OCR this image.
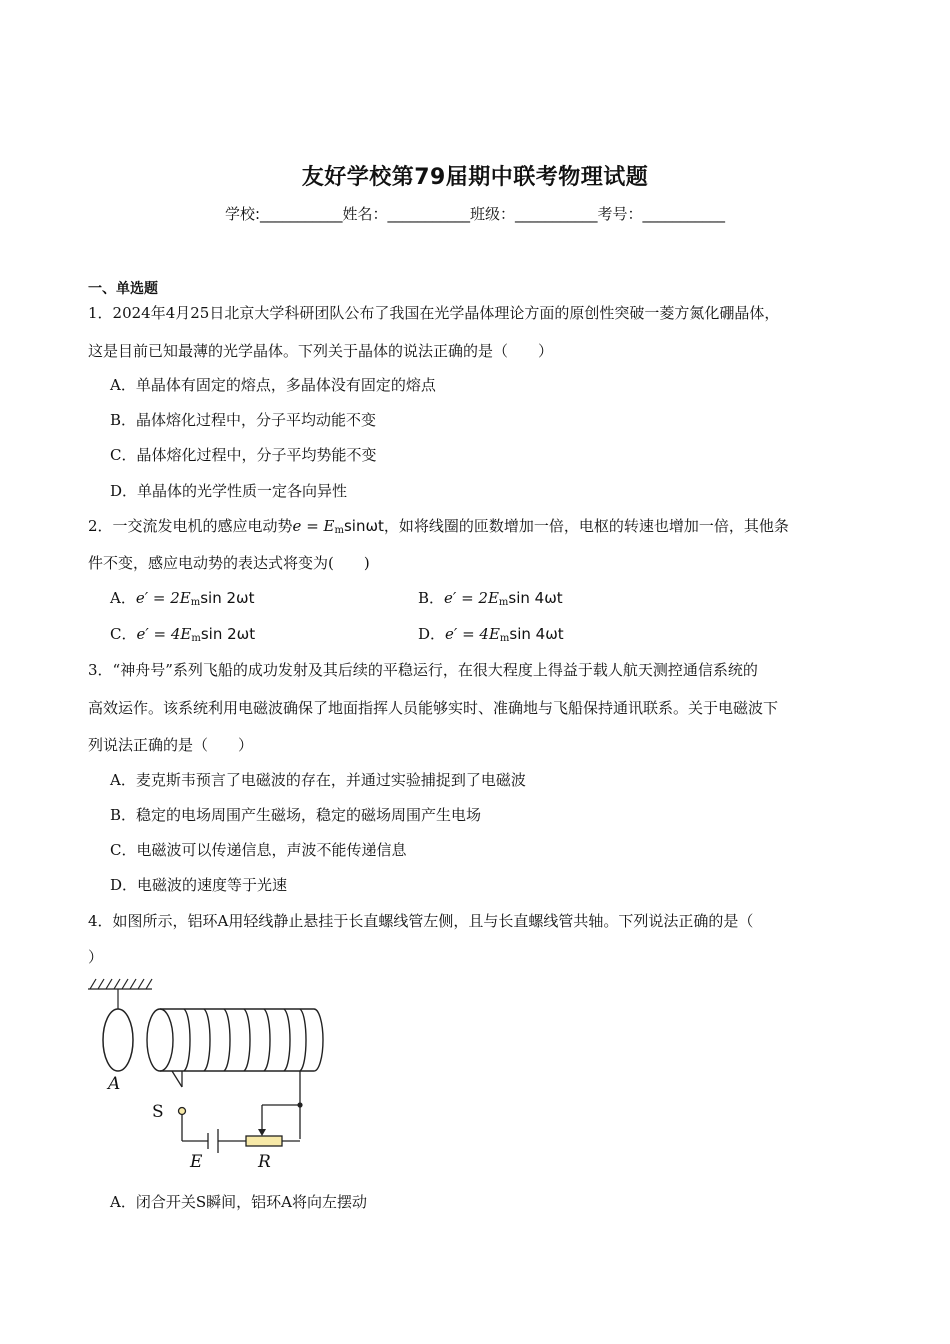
友好学校第79届期中联考物理试题
学校:___________姓名：___________班级：___________考号：___________
一、单选题
1．2024年4月25日北京大学科研团队公布了我国在光学晶体理论方面的原创性突破一菱方氮化硼晶体，
这是目前已知最薄的光学晶体。下列关于晶体的说法正确的是（　　）
A．单晶体有固定的熔点，多晶体没有固定的熔点
B．晶体熔化过程中，分子平均动能不变
C．晶体熔化过程中，分子平均势能不变
D．单晶体的光学性质一定各向异性
2．一交流发电机的感应电动势$e = E_m\sin\omega t$，如将线圈的匝数增加一倍，电枢的转速也增加一倍，其他条
件不变，感应电动势的表达式将变为(　　)
A．$e' = 2E_m\sin$ 2ωt	B．$e' = 2E_m\sin$ 4ωt
C．$e' = 4E_m\sin$ 2ωt	D．$e' = 4E_m\sin$ 4ωt
3．“神舟号”系列飞船的成功发射及其后续的平稳运行，在很大程度上得益于载人航天测控通信系统的
高效运作。该系统利用电磁波确保了地面指挥人员能够实时、准确地与飞船保持通讯联系。关于电磁波下
列说法正确的是（　　）
A．麦克斯韦预言了电磁波的存在，并通过实验捕捉到了电磁波
B．稳定的电场周围产生磁场，稳定的磁场周围产生电场
C．电磁波可以传递信息，声波不能传递信息
D．电磁波的速度等于光速
4．如图所示，铝环A用轻线静止悬挂于长直螺线管左侧，且与长直螺线管共轴。下列说法正确的是（
）
A
S
E	R
A．闭合开关S瞬间，铝环A将向左摆动
